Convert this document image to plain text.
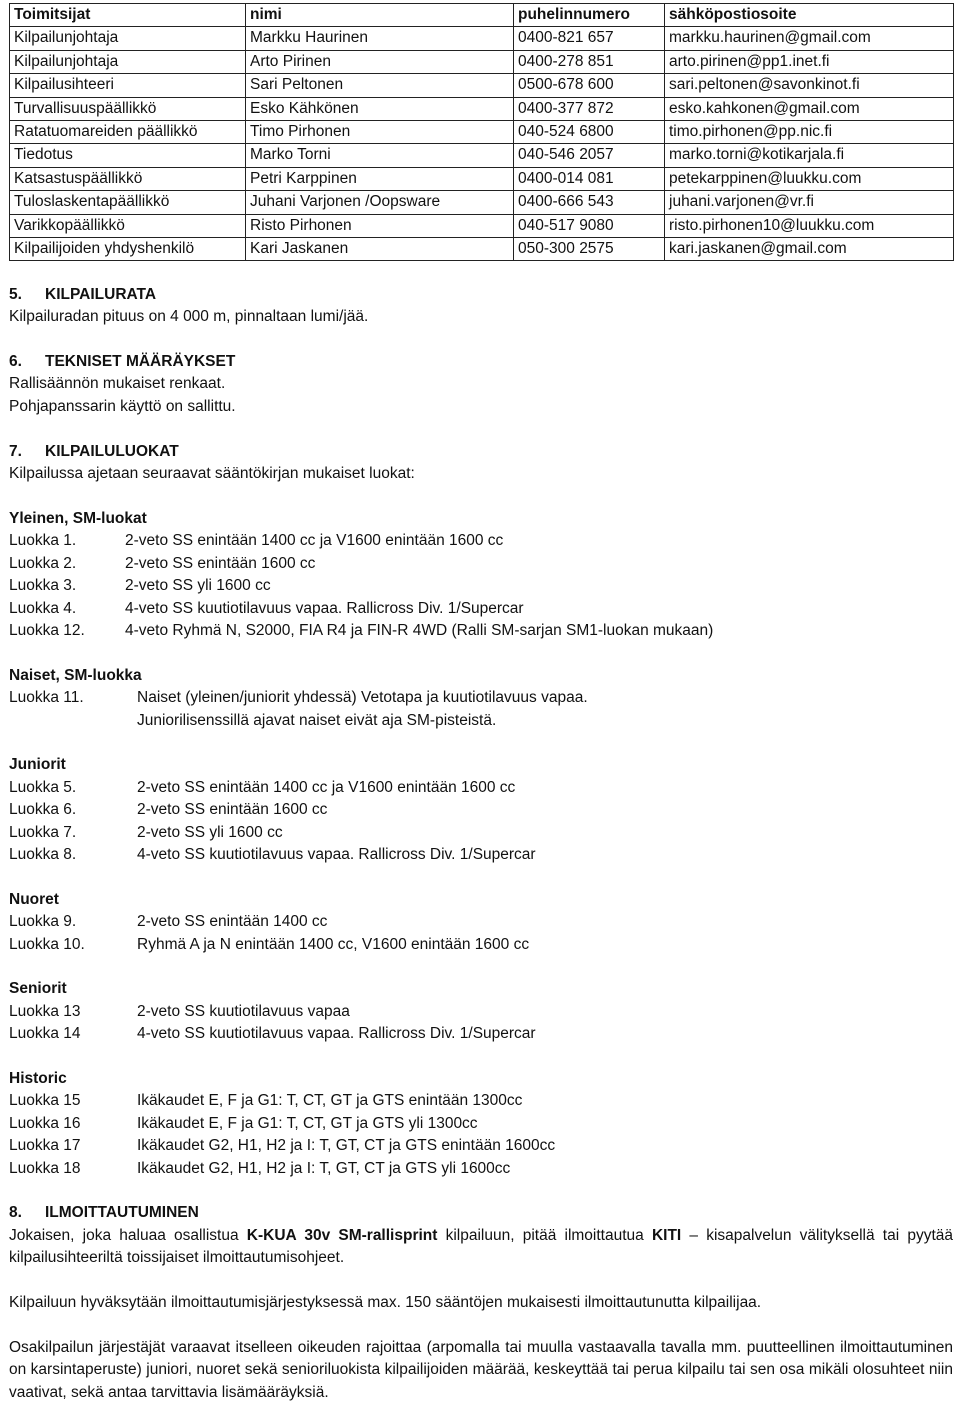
Toimitsijat	nimi	puhelinnumero	sähköpostiosoite
Kilpailunjohtaja	Markku Haurinen	0400-821 657	markku.haurinen@gmail.com
Kilpailunjohtaja	Arto Pirinen	0400-278 851	arto.pirinen@pp1.inet.fi
Kilpailusihteeri	Sari Peltonen	0500-678 600	sari.peltonen@savonkinot.fi
Turvallisuuspäällikkö	Esko Kähkönen	0400-377 872	esko.kahkonen@gmail.com
Ratatuomareiden päällikkö	Timo Pirhonen	040-524 6800	timo.pirhonen@pp.nic.fi
Tiedotus	Marko Torni	040-546 2057	marko.torni@kotikarjala.fi
Katsastuspäällikkö	Petri Karppinen	0400-014 081	petekarppinen@luukku.com
Tuloslaskentapäällikkö	Juhani Varjonen /Oopsware	0400-666 543	juhani.varjonen@vr.fi
Varikkopäällikkö	Risto Pirhonen	040-517 9080	risto.pirhonen10@luukku.com
Kilpailijoiden yhdyshenkilö	Kari Jaskanen	050-300 2575	kari.jaskanen@gmail.com

5. KILPAILURATA

Kilpailuradan pituus on 4 000 m, pinnaltaan lumi/jää.

6. TEKNISET MÄÄRÄYKSET

Rallisäännön mukaiset renkaat.

Pohjapanssarin käyttö on sallittu.

7. KILPAILULUOKAT

Kilpailussa ajetaan seuraavat sääntökirjan mukaiset luokat:

Yleinen, SM-luokat

Luokka 1.	2-veto SS enintään 1400 cc ja V1600 enintään 1600 cc
Luokka 2.	2-veto SS enintään 1600 cc
Luokka 3.	2-veto SS yli 1600 cc
Luokka 4.	4-veto SS kuutiotilavuus vapaa. Rallicross Div. 1/Supercar
Luokka 12.	4-veto Ryhmä N, S2000, FIA R4 ja FIN-R 4WD (Ralli SM-sarjan SM1-luokan mukaan)

Naiset, SM-luokka

Luokka 11.	Naiset (yleinen/juniorit yhdessä) Vetotapa ja kuutiotilavuus vapaa.
Juniorilisenssillä ajavat naiset eivät aja SM-pisteistä.

Juniorit

Luokka 5.	2-veto SS enintään 1400 cc ja V1600 enintään 1600 cc
Luokka 6.	2-veto SS enintään 1600 cc
Luokka 7.	2-veto SS yli 1600 cc
Luokka 8.	4-veto SS kuutiotilavuus vapaa. Rallicross Div. 1/Supercar

Nuoret

Luokka 9.	2-veto SS enintään 1400 cc
Luokka 10.	Ryhmä A ja N enintään 1400 cc, V1600 enintään 1600 cc

Seniorit

Luokka 13	2-veto SS kuutiotilavuus vapaa
Luokka 14	4-veto SS kuutiotilavuus vapaa. Rallicross Div. 1/Supercar

Historic

Luokka 15	Ikäkaudet E, F ja G1: T, CT, GT ja GTS enintään 1300cc
Luokka 16	Ikäkaudet E, F ja G1: T, CT, GT ja GTS yli 1300cc
Luokka 17	Ikäkaudet G2, H1, H2 ja I: T, GT, CT ja GTS enintään 1600cc
Luokka 18	Ikäkaudet G2, H1, H2 ja I: T, GT, CT ja GTS yli 1600cc

8. ILMOITTAUTUMINEN

Jokaisen, joka haluaa osallistua K-KUA 30v SM-rallisprint kilpailuun, pitää ilmoittautua KITI – kisapalvelun välityksellä tai pyytää kilpailusihteeriltä toissijaiset ilmoittautumisohjeet.

Kilpailuun hyväksytään ilmoittautumisjärjestyksessä max. 150 sääntöjen mukaisesti ilmoittautunutta kilpailijaa.

Osakilpailun järjestäjät varaavat itselleen oikeuden rajoittaa (arpomalla tai muulla vastaavalla tavalla mm. puutteellinen ilmoittautuminen on karsintaperuste) juniori, nuoret sekä senioriluokista kilpailijoiden määrää, keskeyttää tai perua kilpailu tai sen osa mikäli olosuhteet niin vaativat, sekä antaa tarvittavia lisämääräyksiä.
